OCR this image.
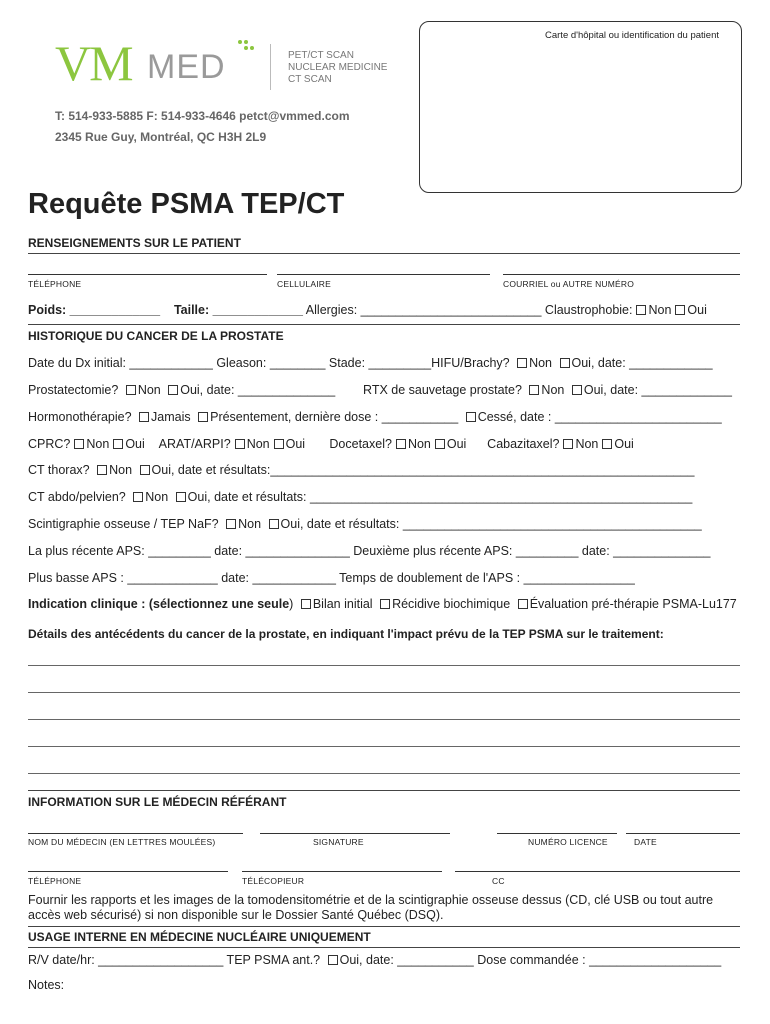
VM MED	PET/CT SCAN
NUCLEAR MEDICINE
CT SCAN
T: 514-933-5885 F: 514-933-4646 petct@vmmed.com
2345 Rue Guy, Montréal, QC H3H 2L9
Carte d'hôpital ou identification du patient
Requête PSMA TEP/CT
RENSEIGNEMENTS SUR LE PATIENT
TÉLÉPHONE	CELLULAIRE	COURRIEL ou AUTRE NUMÉRO
Poids: _____________ Taille: _____________ Allergies: __________________________ Claustrophobie: Non Oui
HISTORIQUE DU CANCER DE LA PROSTATE
Date du Dx initial: ____________ Gleason: ________ Stade: _________HIFU/Brachy? Non Oui, date: ____________
Prostatectomie? Non Oui, date: ______________ RTX de sauvetage prostate? Non Oui, date: _____________
Hormonothérapie? Jamais Présentement, dernière dose : ___________ Cessé, date : ________________________
CPRC? Non Oui ARAT/ARPI? Non Oui Docetaxel? Non Oui Cabazitaxel? Non Oui
CT thorax? Non Oui, date et résultats:_____________________________________________________________
CT abdo/pelvien? Non Oui, date et résultats: _______________________________________________________
Scintigraphie osseuse / TEP NaF? Non Oui, date et résultats: ___________________________________________
La plus récente APS: _________ date: _______________ Deuxième plus récente APS: _________ date: ______________
Plus basse APS : _____________ date: ____________ Temps de doublement de l'APS : ________________
Indication clinique : (sélectionnez une seule) Bilan initial Récidive biochimique Évaluation pré-thérapie PSMA-Lu177
Détails des antécédents du cancer de la prostate, en indiquant l'impact prévu de la TEP PSMA sur le traitement:
INFORMATION SUR LE MÉDECIN RÉFÉRANT
NOM DU MÉDECIN (EN LETTRES MOULÉES)	SIGNATURE	NUMÉRO LICENCE	DATE
TÉLÉPHONE	TÉLÉCOPIEUR	CC
Fournir les rapports et les images de la tomodensitométrie et de la scintigraphie osseuse dessus (CD, clé USB ou tout autre accès web sécurisé) si non disponible sur le Dossier Santé Québec (DSQ).
USAGE INTERNE EN MÉDECINE NUCLÉAIRE UNIQUEMENT
R/V date/hr: __________________ TEP PSMA ant.? Oui, date: ___________ Dose commandée : ___________________
Notes:
